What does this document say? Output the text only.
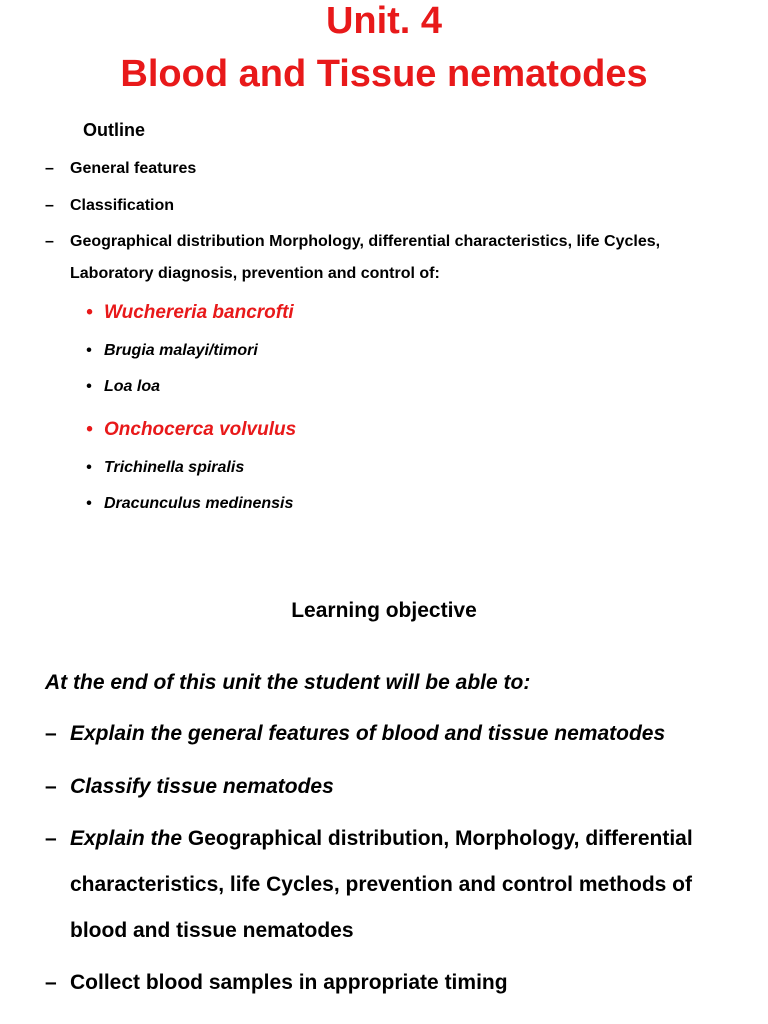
Unit. 4
Blood and Tissue nematodes
Outline
– General features
– Classification
– Geographical distribution Morphology, differential characteristics, life Cycles,
Laboratory diagnosis, prevention and control of:
• Wuchereria bancrofti
• Brugia malayi/timori
• Loa loa
• Onchocerca volvulus
• Trichinella spiralis
• Dracunculus medinensis
Learning objective
At the end of this unit the student will be able to:
– Explain the general features of blood and tissue nematodes
– Classify tissue nematodes
– Explain the Geographical distribution, Morphology, differential
characteristics, life Cycles, prevention and control methods of
blood and tissue nematodes
– Collect blood samples in appropriate timing
